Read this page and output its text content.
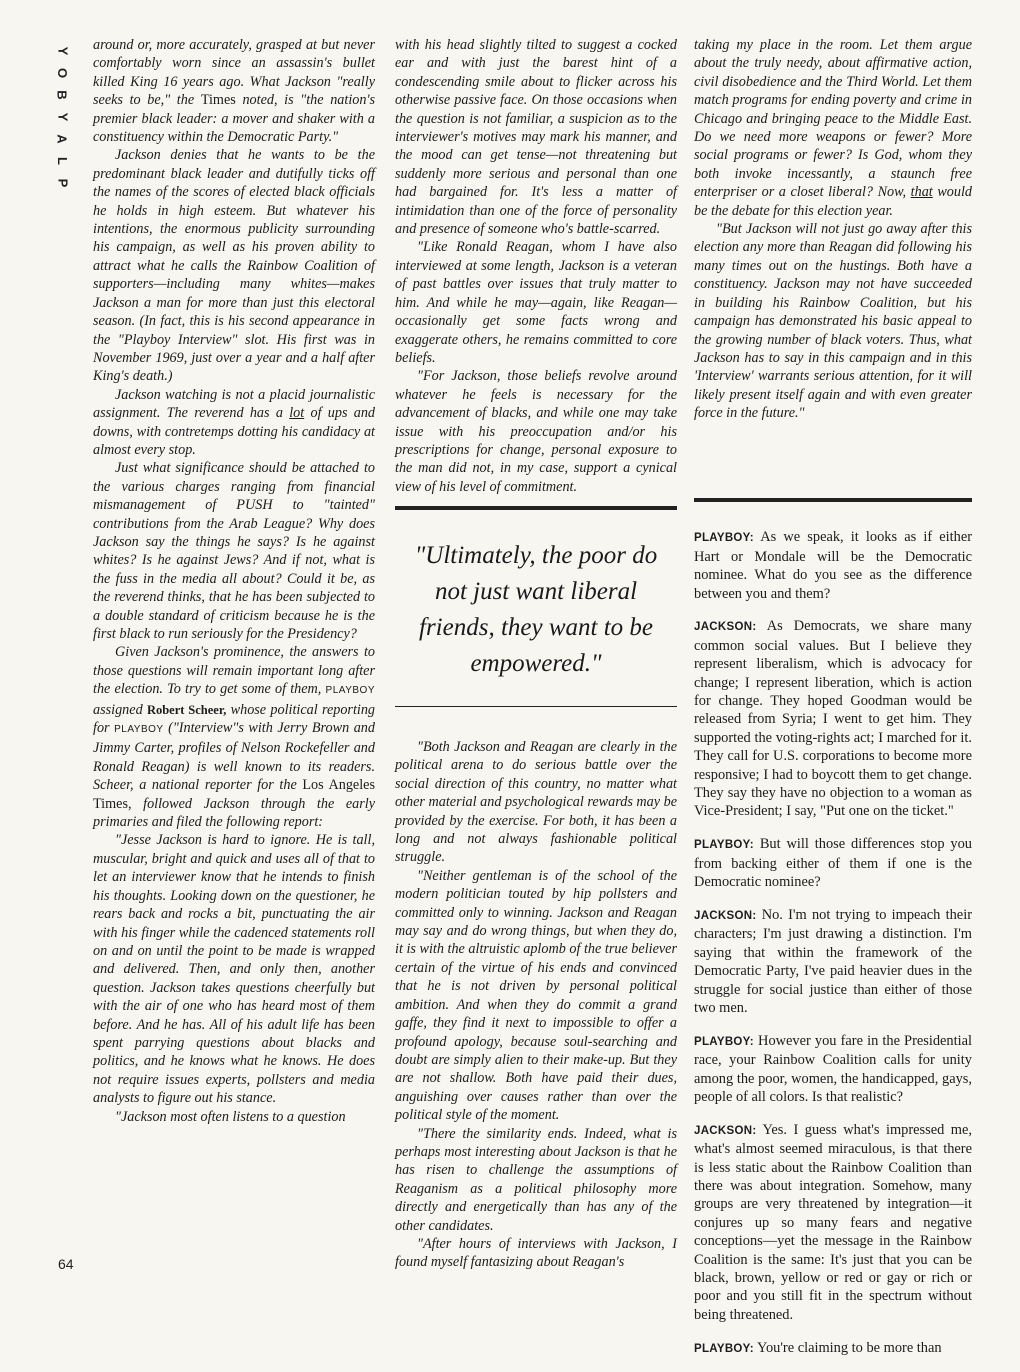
Y
O
B
Y
A
L
P
64

around or, more accurately, grasped at but never comfortably worn since an assassin's bullet killed King 16 years ago. What Jackson "really seeks to be," the Times noted, is "the nation's premier black leader: a mover and shaker with a constituency within the Democratic Party."

Jackson denies that he wants to be the predominant black leader and dutifully ticks off the names of the scores of elected black officials he holds in high esteem. But whatever his intentions, the enormous publicity surrounding his campaign, as well as his proven ability to attract what he calls the Rainbow Coalition of supporters—including many whites—makes Jackson a man for more than just this electoral season. (In fact, this is his second appearance in the "Playboy Interview" slot. His first was in November 1969, just over a year and a half after King's death.)

Jackson watching is not a placid journalistic assignment. The reverend has a lot of ups and downs, with contretemps dotting his candidacy at almost every stop.

Just what significance should be attached to the various charges ranging from financial mismanagement of PUSH to "tainted" contributions from the Arab League? Why does Jackson say the things he says? Is he against whites? Is he against Jews? And if not, what is the fuss in the media all about? Could it be, as the reverend thinks, that he has been subjected to a double standard of criticism because he is the first black to run seriously for the Presidency?

Given Jackson's prominence, the answers to those questions will remain important long after the election. To try to get some of them, PLAYBOY assigned Robert Scheer, whose political reporting for PLAYBOY ("Interview"s with Jerry Brown and Jimmy Carter, profiles of Nelson Rockefeller and Ronald Reagan) is well known to its readers. Scheer, a national reporter for the Los Angeles Times, followed Jackson through the early primaries and filed the following report:

"Jesse Jackson is hard to ignore. He is tall, muscular, bright and quick and uses all of that to let an interviewer know that he intends to finish his thoughts. Looking down on the questioner, he rears back and rocks a bit, punctuating the air with his finger while the cadenced statements roll on and on until the point to be made is wrapped and delivered. Then, and only then, another question. Jackson takes questions cheerfully but with the air of one who has heard most of them before. And he has. All of his adult life has been spent parrying questions about blacks and politics, and he knows what he knows. He does not require issues experts, pollsters and media analysts to figure out his stance.

"Jackson most often listens to a question

with his head slightly tilted to suggest a cocked ear and with just the barest hint of a condescending smile about to flicker across his otherwise passive face. On those occasions when the question is not familiar, a suspicion as to the interviewer's motives may mark his manner, and the mood can get tense—not threatening but suddenly more serious and personal than one had bargained for. It's less a matter of intimidation than one of the force of personality and presence of someone who's battle-scarred.

"Like Ronald Reagan, whom I have also interviewed at some length, Jackson is a veteran of past battles over issues that truly matter to him. And while he may—again, like Reagan—occasionally get some facts wrong and exaggerate others, he remains committed to core beliefs.

"For Jackson, those beliefs revolve around whatever he feels is necessary for the advancement of blacks, and while one may take issue with his preoccupation and/or his prescriptions for change, personal exposure to the man did not, in my case, support a cynical view of his level of commitment.

"Ultimately, the poor do not just want liberal friends, they want to be empowered."

"Both Jackson and Reagan are clearly in the political arena to do serious battle over the social direction of this country, no matter what other material and psychological rewards may be provided by the exercise. For both, it has been a long and not always fashionable political struggle.

"Neither gentleman is of the school of the modern politician touted by hip pollsters and committed only to winning. Jackson and Reagan may say and do wrong things, but when they do, it is with the altruistic aplomb of the true believer certain of the virtue of his ends and convinced that he is not driven by personal political ambition. And when they do commit a grand gaffe, they find it next to impossible to offer a profound apology, because soul-searching and doubt are simply alien to their make-up. But they are not shallow. Both have paid their dues, anguishing over causes rather than over the political style of the moment.

"There the similarity ends. Indeed, what is perhaps most interesting about Jackson is that he has risen to challenge the assumptions of Reaganism as a political philosophy more directly and energetically than has any of the other candidates.

"After hours of interviews with Jackson, I found myself fantasizing about Reagan's

taking my place in the room. Let them argue about the truly needy, about affirmative action, civil disobedience and the Third World. Let them match programs for ending poverty and crime in Chicago and bringing peace to the Middle East. Do we need more weapons or fewer? More social programs or fewer? Is God, whom they both invoke incessantly, a staunch free enterpriser or a closet liberal? Now, that would be the debate for this election year.

"But Jackson will not just go away after this election any more than Reagan did following his many times out on the hustings. Both have a constituency. Jackson may not have succeeded in building his Rainbow Coalition, but his campaign has demonstrated his basic appeal to the growing number of black voters. Thus, what Jackson has to say in this campaign and in this 'Interview' warrants serious attention, for it will likely present itself again and with even greater force in the future."

PLAYBOY: As we speak, it looks as if either Hart or Mondale will be the Democratic nominee. What do you see as the difference between you and them?

JACKSON: As Democrats, we share many common social values. But I believe they represent liberalism, which is advocacy for change; I represent liberation, which is action for change. They hoped Goodman would be released from Syria; I went to get him. They supported the voting-rights act; I marched for it. They call for U.S. corporations to become more responsive; I had to boycott them to get change. They say they have no objection to a woman as Vice-President; I say, "Put one on the ticket."

PLAYBOY: But will those differences stop you from backing either of them if one is the Democratic nominee?

JACKSON: No. I'm not trying to impeach their characters; I'm just drawing a distinction. I'm saying that within the framework of the Democratic Party, I've paid heavier dues in the struggle for social justice than either of those two men.

PLAYBOY: However you fare in the Presidential race, your Rainbow Coalition calls for unity among the poor, women, the handicapped, gays, people of all colors. Is that realistic?

JACKSON: Yes. I guess what's impressed me, what's almost seemed miraculous, is that there is less static about the Rainbow Coalition than there was about integration. Somehow, many groups are very threatened by integration—it conjures up so many fears and negative conceptions—yet the message in the Rainbow Coalition is the same: It's just that you can be black, brown, yellow or red or gay or rich or poor and you still fit in the spectrum without being threatened.

PLAYBOY: You're claiming to be more than
